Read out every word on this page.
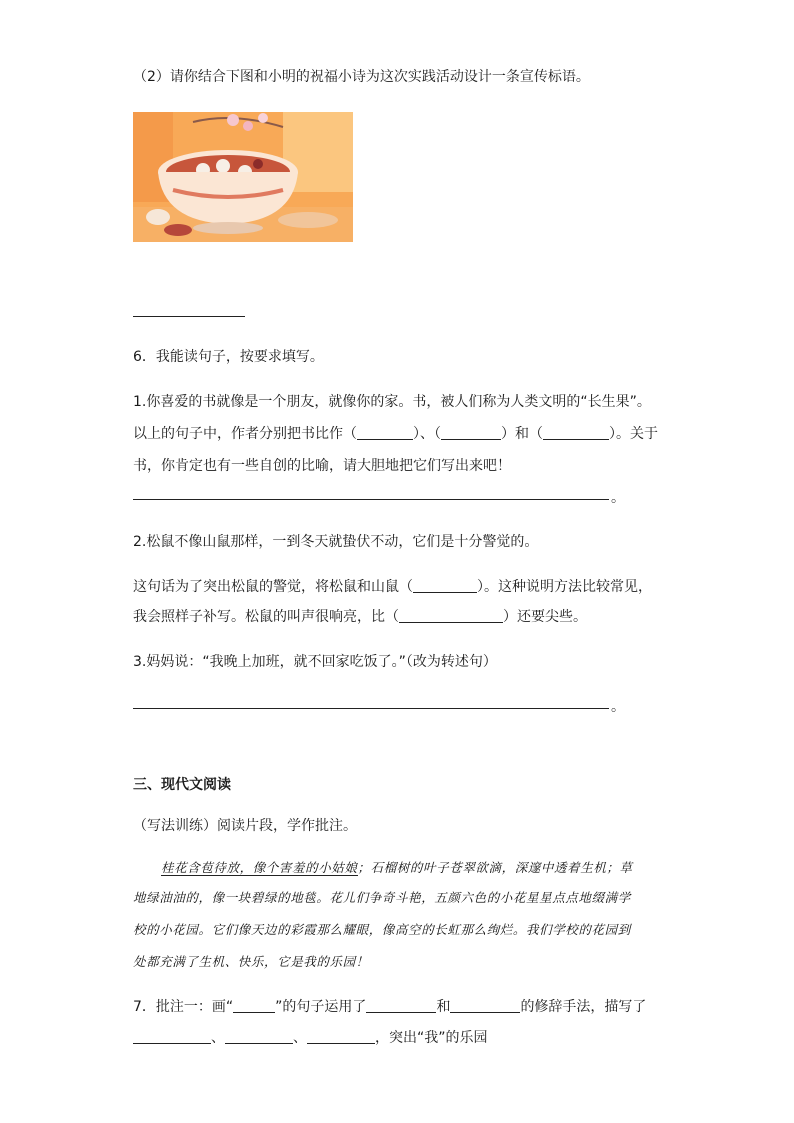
（2）请你结合下图和小明的祝福小诗为这次实践活动设计一条宣传标语。
6．我能读句子，按要求填写。
1.你喜爱的书就像是一个朋友，就像你的家。书，被人们称为人类文明的“长生果”。
以上的句子中，作者分别把书比作（	）、（	）和（	）。关于
书，你肯定也有一些自创的比喻，请大胆地把它们写出来吧！
。
2.松鼠不像山鼠那样，一到冬天就蛰伏不动，它们是十分警觉的。
这句话为了突出松鼠的警觉，将松鼠和山鼠（	）。这种说明方法比较常见，
我会照样子补写。松鼠的叫声很响亮，比（	）还要尖些。
3.妈妈说：“我晚上加班，就不回家吃饭了。”（改为转述句）
。
三、现代文阅读
（写法训练）阅读片段，学作批注。
桂花含苞待放，像个害羞的小姑娘；石榴树的叶子苍翠欲滴，深邃中透着生机；草
地绿油油的，像一块碧绿的地毯。花儿们争奇斗艳，五颜六色的小花星星点点地缀满学
校的小花园。它们像天边的彩霞那么耀眼，像高空的长虹那么绚烂。我们学校的花园到
处都充满了生机、快乐，它是我的乐园！
7．批注一：画“	”的句子运用了	和	的修辞手法，描写了
、	、	，突出“我”的乐园
